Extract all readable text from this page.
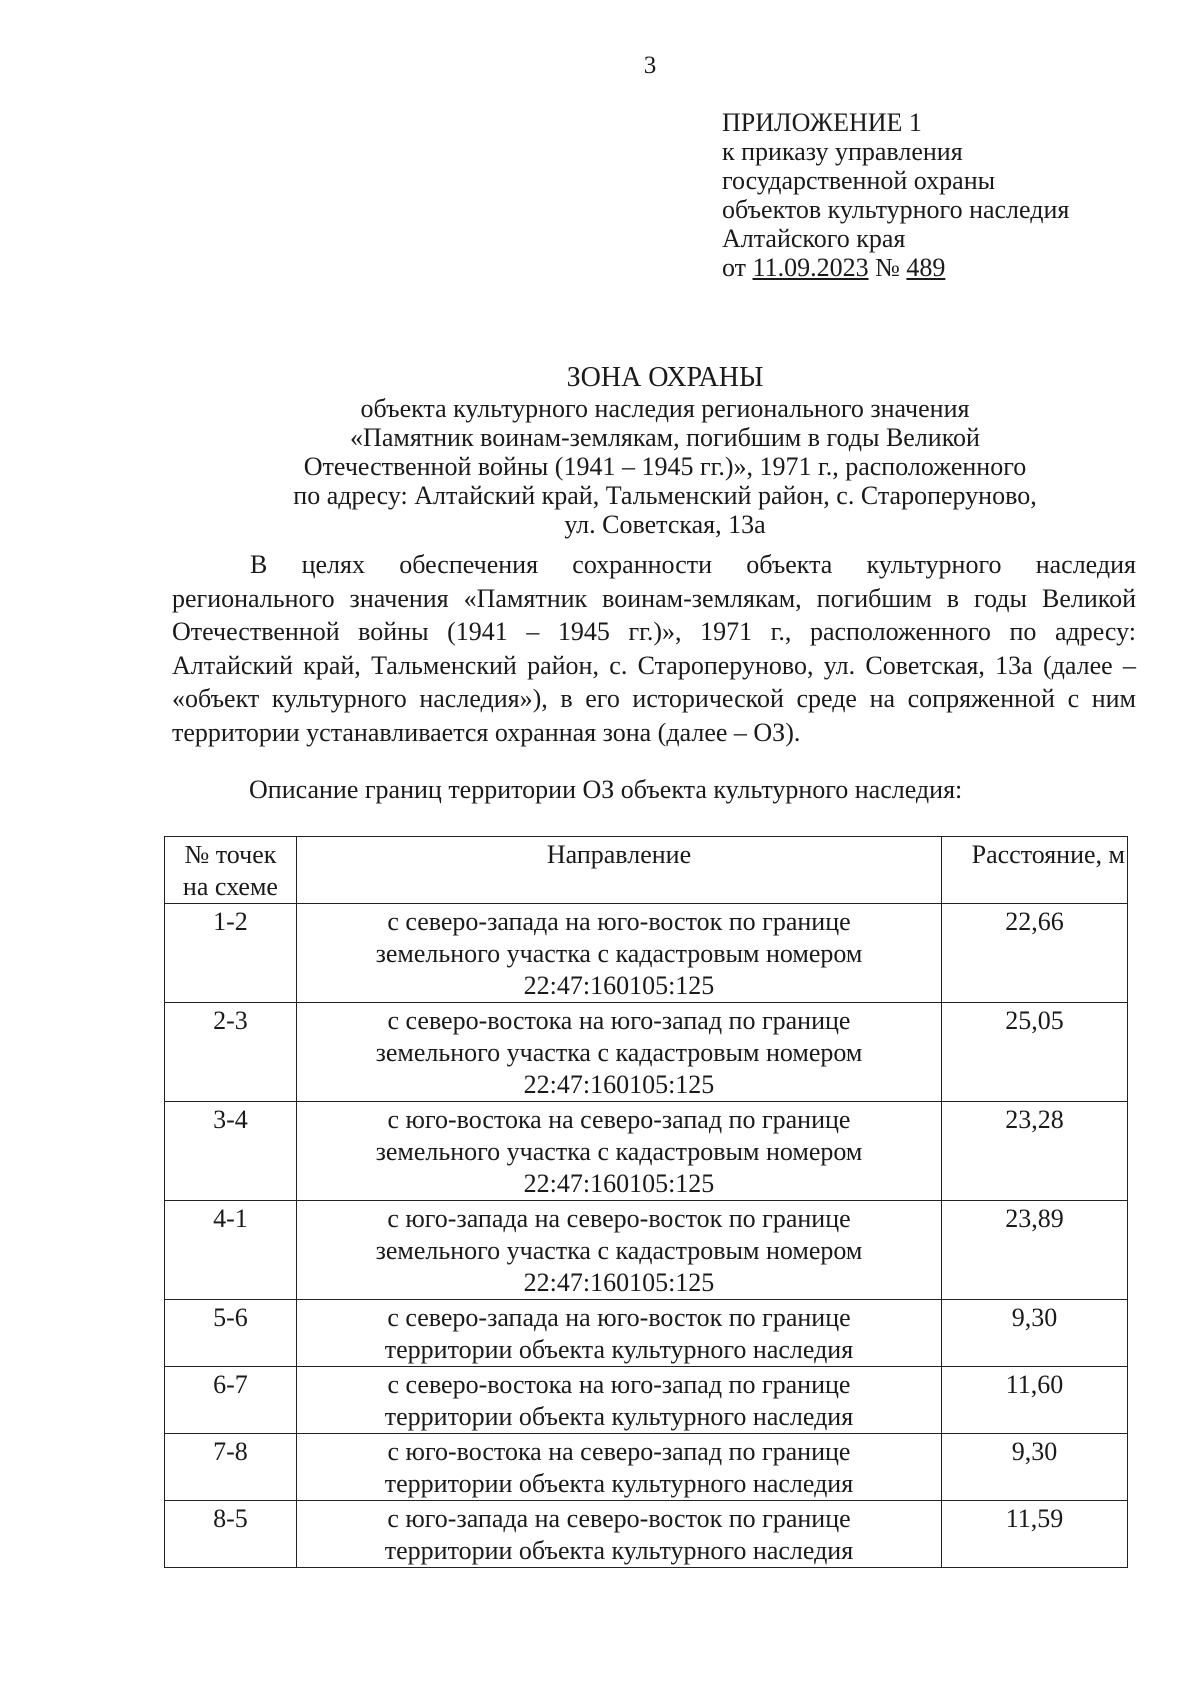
3
ПРИЛОЖЕНИЕ 1
к приказу управления
государственной охраны
объектов культурного наследия
Алтайского края
от 11.09.2023 № 489
ЗОНА ОХРАНЫ
объекта культурного наследия регионального значения
«Памятник воинам-землякам, погибшим в годы Великой
Отечественной войны (1941 – 1945 гг.)», 1971 г., расположенного
по адресу: Алтайский край, Тальменский район, с. Староперуново,
ул. Советская, 13а

В целях обеспечения сохранности объекта культурного наследия регионального значения «Памятник воинам-землякам, погибшим в годы Великой Отечественной войны (1941 – 1945 гг.)», 1971 г., расположенного по адресу: Алтайский край, Тальменский район, с. Староперуново, ул. Советская, 13а (далее – «объект культурного наследия»), в его исторической среде на сопряженной с ним территории устанавливается охранная зона (далее – ОЗ).

Описание границ территории ОЗ объекта культурного наследия:
№ точек
на схеме	Направление	Расстояние, м
1-2	с северо-запада на юго-восток по границе
земельного участка с кадастровым номером
22:47:160105:125	22,66
2-3	с северо-востока на юго-запад по границе
земельного участка с кадастровым номером
22:47:160105:125	25,05
3-4	с юго-востока на северо-запад по границе
земельного участка с кадастровым номером
22:47:160105:125	23,28
4-1	с юго-запада на северо-восток по границе
земельного участка с кадастровым номером
22:47:160105:125	23,89
5-6	с северо-запада на юго-восток по границе
территории объекта культурного наследия	9,30
6-7	с северо-востока на юго-запад по границе
территории объекта культурного наследия	11,60
7-8	с юго-востока на северо-запад по границе
территории объекта культурного наследия	9,30
8-5	с юго-запада на северо-восток по границе
территории объекта культурного наследия	11,59
